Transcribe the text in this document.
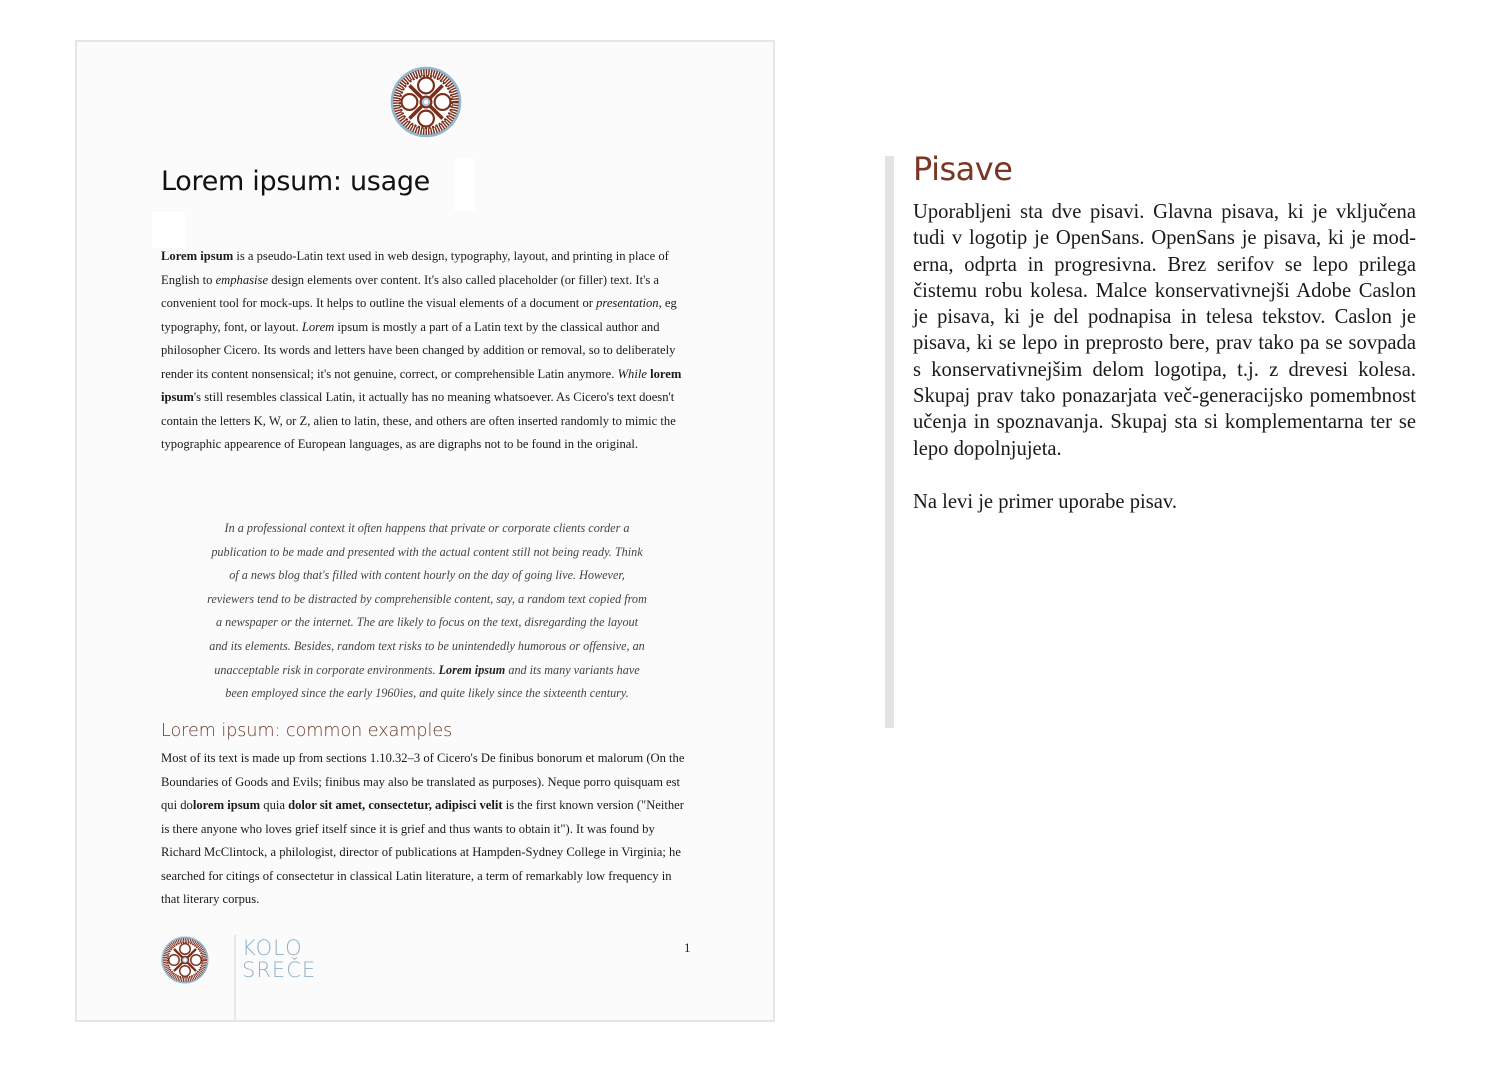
Lorem ipsum: usage

Lorem ipsum is a pseudo-Latin text used in web design, typography, layout, and printing in place of English to emphasise design elements over content. It's also called placeholder (or filler) text. It's a convenient tool for mock-ups. It helps to outline the visual elements of a document or presentation, eg typography, font, or layout. Lorem ipsum is mostly a part of a Latin text by the classical author and philosopher Cicero. Its words and letters have been changed by addition or removal, so to deliberately render its content nonsensical; it's not genuine, correct, or comprehensible Latin anymore. While lorem ipsum's still resembles classical Latin, it actually has no meaning whatsoever. As Cicero's text doesn't contain the letters K, W, or Z, alien to latin, these, and others are often inserted randomly to mimic the typographic appearence of European languages, as are digraphs not to be found in the original.

In a professional context it often happens that private or corporate clients corder a publication to be made and presented with the actual content still not being ready. Think of a news blog that's filled with content hourly on the day of going live. However, reviewers tend to be distracted by comprehensible content, say, a random text copied from a newspaper or the internet. The are likely to focus on the text, disregarding the layout and its elements. Besides, random text risks to be unintendedly humorous or offensive, an unacceptable risk in corporate environments. Lorem ipsum and its many variants have been employed since the early 1960ies, and quite likely since the sixteenth century.

Lorem ipsum: common examples

Most of its text is made up from sections 1.10.32–3 of Cicero's De finibus bonorum et malorum (On the Boundaries of Goods and Evils; finibus may also be translated as purposes). Neque porro quisquam est qui dolorem ipsum quia dolor sit amet, consectetur, adipisci velit is the first known version ("Neither is there anyone who loves grief itself since it is grief and thus wants to obtain it"). It was found by Richard McClintock, a philologist, director of publications at Hampden-Sydney College in Virginia; he searched for citings of consectetur in classical Latin literature, a term of remarkably low frequency in that literary corpus.

KOLO
SREČE
1
Pisave

Uporabljeni sta dve pisavi. Glavna pisava, ki je vključena tudi v logotip je OpenSans. OpenSans je pisava, ki je moderna, odprta in progresivna. Brez serifov se lepo prilega čistemu robu kolesa. Malce konservativnejši Adobe Caslon je pisava, ki je del podnapisa in telesa tekstov. Caslon je pisava, ki se lepo in preprosto bere, prav tako pa se sovpada s konservativnejšim delom logotipa, t.j. z drevesi kolesa. Skupaj prav tako ponazarjata več-generacijsko pomembnost učenja in spoznavanja. Skupaj sta si komplementarna ter se lepo dopolnjujeta.

Na levi je primer uporabe pisav.
